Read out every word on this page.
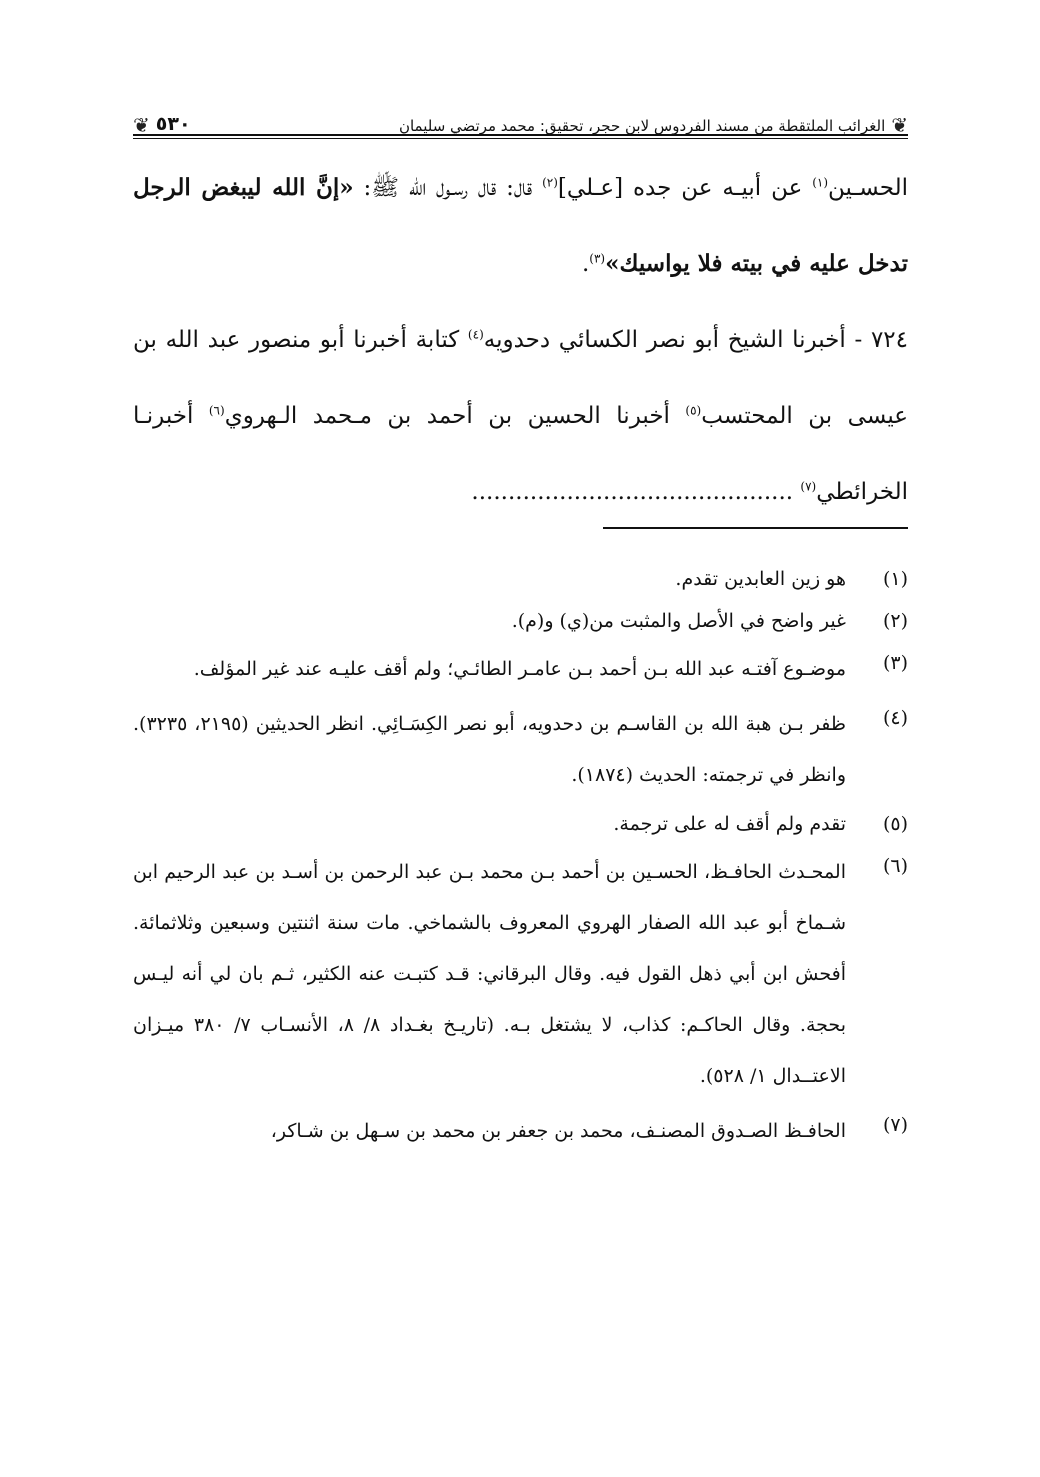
❦
الغرائب الملتقطة من مسند الفردوس لابن حجر، تحقيق: محمد مرتضي سليمان
٥٣٠
❦

الحسـين$^{(١)}$ عن أبيـه عن جده [عـلي]$^{(٢)}$ قال: قال رسـول الله ﷺ: «إنَّ الله ليبغض الرجل تدخل عليه في بيته فلا يواسيك»$^{(٣)}$.

٧٢٤ - أخبرنا الشيخ أبو نصر الكسائي دحدويه$^{(٤)}$ كتابة أخبرنا أبو منصور عبد الله بن عيسى بن المحتسب$^{(٥)}$ أخبرنا الحسين بن أحمد بن مـحمد الـهروي$^{(٦)}$ أخبرنـا الخرائطي$^{(٧)}$ ............................................

(١)
هو زين العابدين تقدم.
(٢)
غير واضح في الأصل والمثبت من(ي) و(م).
(٣)
موضـوع آفتـه عبد الله بـن أحمد بـن عامـر الطائـي؛ ولم أقف عليـه عند غير المؤلف.
(٤)
ظفر بـن هبة الله بن القاسـم بن دحدويه، أبو نصر الكِسَـائِي. انظر الحديثين (٢١٩٥، ٣٢٣٥). وانظر في ترجمته: الحديث (١٨٧٤).
(٥)
تقدم ولم أقف له على ترجمة.
(٦)
المحـدث الحافـظ، الحسـين بن أحمد بـن محمد بـن عبد الرحمن بن أسـد بن عبد الرحيم ابن شـماخ أبو عبد الله الصفار الهروي المعروف بالشماخي. مات سنة اثنتين وسبعين وثلاثمائة. أفحش ابن أبي ذهل القول فيه. وقال البرقاني: قـد كتبـت عنه الكثير، ثـم بان لي أنه ليـس بحجة. وقال الحاكـم: كذاب، لا يشتغل بـه. (تاريـخ بغـداد ٨/ ٨، الأنسـاب ٧/ ٣٨٠ ميـزان الاعتــدال ١/ ٥٢٨).
(٧)
الحافـظ الصـدوق المصنـف، محمد بن جعفر بن محمد بن سـهل بن شـاكر،
